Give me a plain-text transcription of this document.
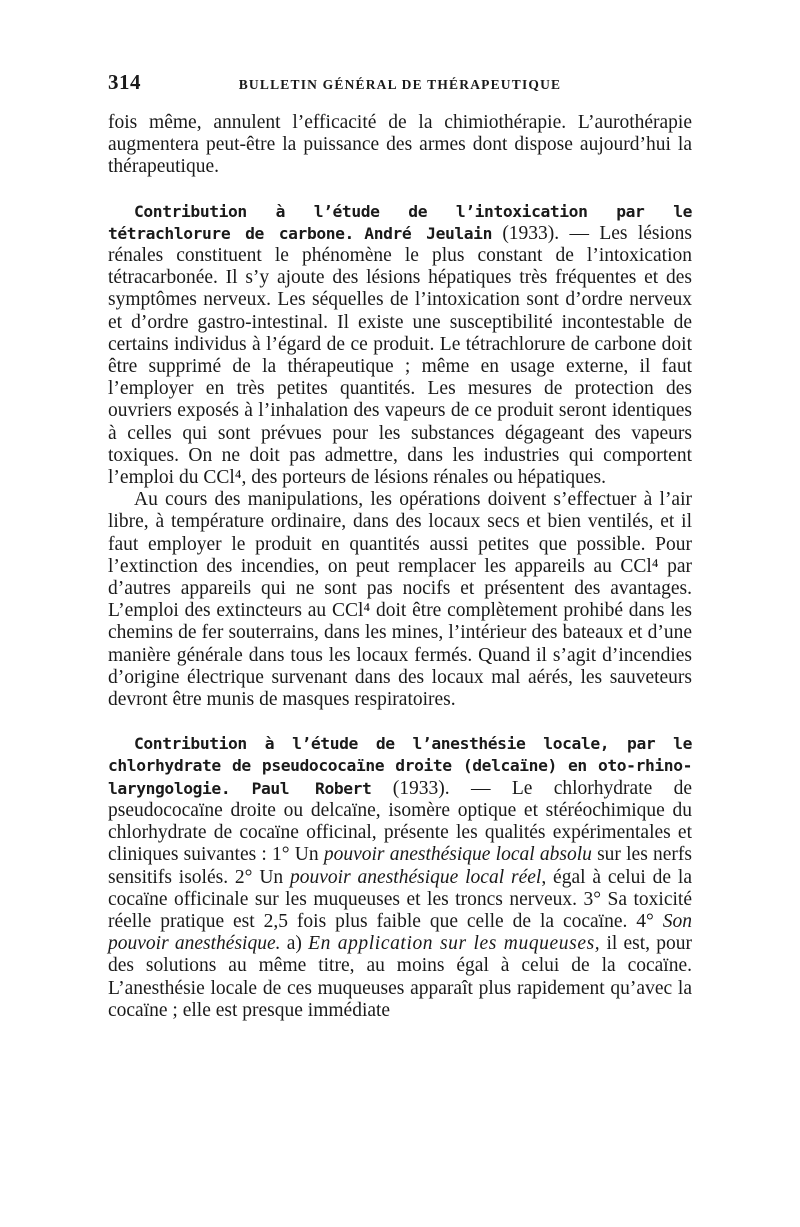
314	BULLETIN GÉNÉRAL DE THÉRAPEUTIQUE

fois même, annulent l’efficacité de la chimiothérapie. L’aurothérapie augmentera peut-être la puissance des armes dont dispose aujourd’hui la thérapeutique.

Contribution à l’étude de l’intoxication par le tétrachlorure de carbone. André Jeulain (1933). — Les lésions rénales constituent le phénomène le plus constant de l’intoxication tétracarbonée. Il s’y ajoute des lésions hépatiques très fréquentes et des symptômes nerveux. Les séquelles de l’intoxication sont d’ordre nerveux et d’ordre gastro-intestinal. Il existe une susceptibilité incontestable de certains individus à l’égard de ce produit. Le tétrachlorure de carbone doit être supprimé de la thérapeutique ; même en usage externe, il faut l’employer en très petites quantités. Les mesures de protection des ouvriers exposés à l’inhalation des vapeurs de ce produit seront identiques à celles qui sont prévues pour les substances dégageant des vapeurs toxiques. On ne doit pas admettre, dans les industries qui comportent l’emploi du CCl⁴, des porteurs de lésions rénales ou hépatiques.

Au cours des manipulations, les opérations doivent s’effectuer à l’air libre, à température ordinaire, dans des locaux secs et bien ventilés, et il faut employer le produit en quantités aussi petites que possible. Pour l’extinction des incendies, on peut remplacer les appareils au CCl⁴ par d’autres appareils qui ne sont pas nocifs et présentent des avantages. L’emploi des extincteurs au CCl⁴ doit être complètement prohibé dans les chemins de fer souterrains, dans les mines, l’intérieur des bateaux et d’une manière générale dans tous les locaux fermés. Quand il s’agit d’incendies d’origine électrique survenant dans des locaux mal aérés, les sauveteurs devront être munis de masques respiratoires.

Contribution à l’étude de l’anesthésie locale, par le chlorhydrate de pseudococaïne droite (delcaïne) en oto-rhino-laryngologie. Paul Robert (1933). — Le chlorhydrate de pseudococaïne droite ou delcaïne, isomère optique et stéréochimique du chlorhydrate de cocaïne officinal, présente les qualités expérimentales et cliniques suivantes : 1° Un pouvoir anesthésique local absolu sur les nerfs sensitifs isolés. 2° Un pouvoir anesthésique local réel, égal à celui de la cocaïne officinale sur les muqueuses et les troncs nerveux. 3° Sa toxicité réelle pratique est 2,5 fois plus faible que celle de la cocaïne. 4° Son pouvoir anesthésique. a) En application sur les muqueuses, il est, pour des solutions au même titre, au moins égal à celui de la cocaïne. L’anesthésie locale de ces muqueuses apparaît plus rapidement qu’avec la cocaïne ; elle est presque immédiate
